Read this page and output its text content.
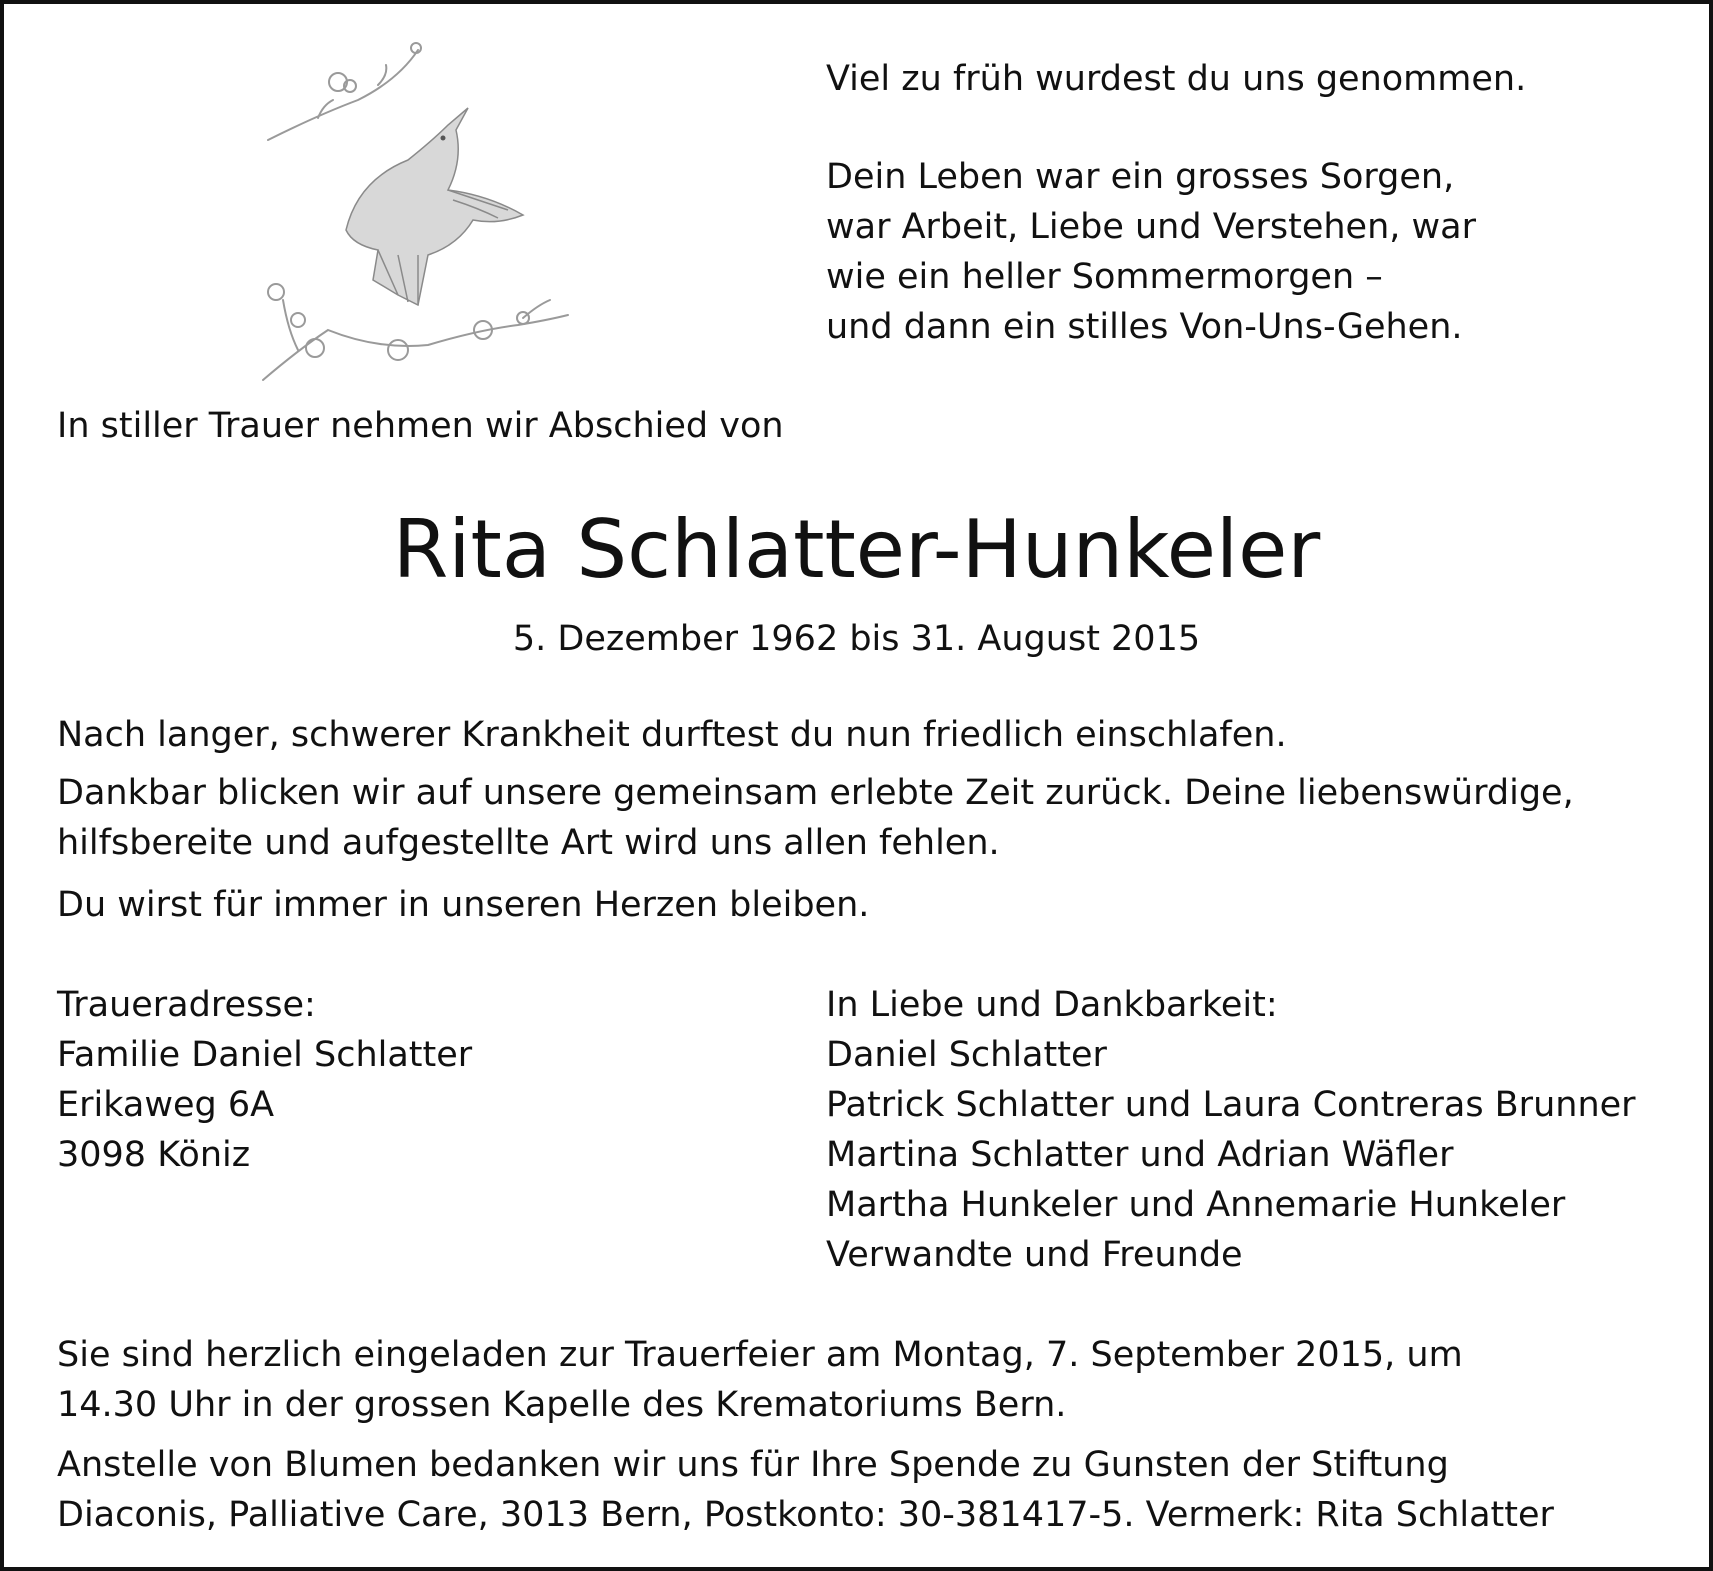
Viel zu früh wurdest du uns genommen.
Dein Leben war ein grosses Sorgen,
war Arbeit, Liebe und Verstehen, war
wie ein heller Sommermorgen –
und dann ein stilles Von-Uns-Gehen.
In stiller Trauer nehmen wir Abschied von
Rita Schlatter-Hunkeler
5. Dezember 1962 bis 31. August 2015
Nach langer, schwerer Krankheit durftest du nun friedlich einschlafen.
Dankbar blicken wir auf unsere gemeinsam erlebte Zeit zurück. Deine liebenswürdige,
hilfsbereite und aufgestellte Art wird uns allen fehlen.
Du wirst für immer in unseren Herzen bleiben.
Traueradresse:
Familie Daniel Schlatter
Erikaweg 6A
3098 Köniz
In Liebe und Dankbarkeit:
Daniel Schlatter
Patrick Schlatter und Laura Contreras Brunner
Martina Schlatter und Adrian Wäfler
Martha Hunkeler und Annemarie Hunkeler
Verwandte und Freunde
Sie sind herzlich eingeladen zur Trauerfeier am Montag, 7. September 2015, um
14.30 Uhr in der grossen Kapelle des Krematoriums Bern.
Anstelle von Blumen bedanken wir uns für Ihre Spende zu Gunsten der Stiftung
Diaconis, Palliative Care, 3013 Bern, Postkonto: 30-381417-5. Vermerk: Rita Schlatter
